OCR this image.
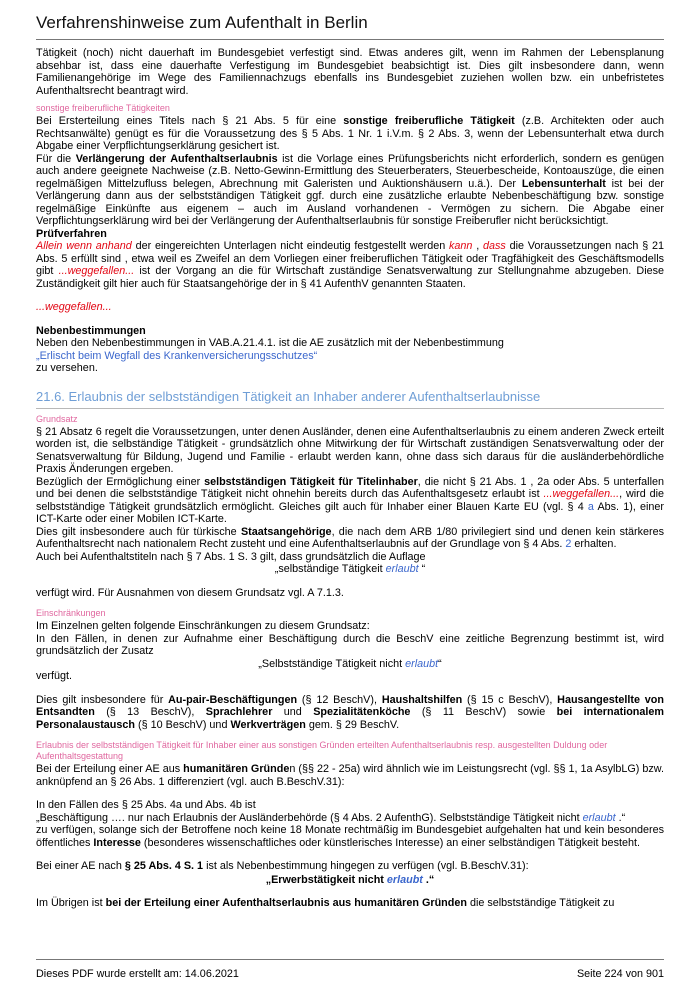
Verfahrenshinweise zum Aufenthalt in Berlin

Tätigkeit (noch) nicht dauerhaft im Bundesgebiet verfestigt sind. Etwas anderes gilt, wenn im Rahmen der Lebensplanung absehbar ist, dass eine dauerhafte Verfestigung im Bundesgebiet beabsichtigt ist. Dies gilt insbesondere dann, wenn Familienangehörige im Wege des Familiennachzugs ebenfalls ins Bundesgebiet zuziehen wollen bzw. ein unbefristetes Aufenthaltsrecht beantragt wird.

sonstige freiberufliche Tätigkeiten

Bei Ersterteilung eines Titels nach § 21 Abs. 5 für eine sonstige freiberufliche Tätigkeit (z.B. Architekten oder auch Rechtsanwälte) genügt es für die Voraussetzung des § 5 Abs. 1 Nr. 1 i.V.m. § 2 Abs. 3, wenn der Lebensunterhalt etwa durch Abgabe einer Verpflichtungserklärung gesichert ist.

Für die Verlängerung der Aufenthaltserlaubnis ist die Vorlage eines Prüfungsberichts nicht erforderlich, sondern es genügen auch andere geeignete Nachweise (z.B. Netto-Gewinn-Ermittlung des Steuerberaters, Steuerbescheide, Kontoauszüge, die einen regelmäßigen Mittelzufluss belegen, Abrechnung mit Galeristen und Auktionshäusern u.ä.). Der Lebensunterhalt ist bei der Verlängerung dann aus der selbstständigen Tätigkeit ggf. durch eine zusätzliche erlaubte Nebenbeschäftigung bzw. sonstige regelmäßige Einkünfte aus eigenem – auch im Ausland vorhandenen - Vermögen zu sichern. Die Abgabe einer Verpflichtungserklärung wird bei der Verlängerung der Aufenthaltserlaubnis für sonstige Freiberufler nicht berücksichtigt.

Prüfverfahren

Allein wenn anhand der eingereichten Unterlagen nicht eindeutig festgestellt werden kann , dass die Voraussetzungen nach § 21 Abs. 5 erfüllt sind , etwa weil es Zweifel an dem Vorliegen einer freiberuflichen Tätigkeit oder Tragfähigkeit des Geschäftsmodells gibt ...weggefallen... ist der Vorgang an die für Wirtschaft zuständige Senatsverwaltung zur Stellungnahme abzugeben. Diese Zuständigkeit gilt hier auch für Staatsangehörige der in § 41 AufenthV genannten Staaten.

...weggefallen...

Nebenbestimmungen

Neben den Nebenbestimmungen in VAB.A.21.4.1. ist die AE zusätzlich mit der Nebenbestimmung

„Erlischt beim Wegfall des Krankenversicherungsschutzes“

zu versehen.

21.6. Erlaubnis der selbstständigen Tätigkeit an Inhaber anderer Aufenthaltserlaubnisse

Grundsatz

§ 21 Absatz 6 regelt die Voraussetzungen, unter denen Ausländer, denen eine Aufenthaltserlaubnis zu einem anderen Zweck erteilt worden ist, die selbständige Tätigkeit - grundsätzlich ohne Mitwirkung der für Wirtschaft zuständigen Senatsverwaltung oder der Senatsverwaltung für Bildung, Jugend und Familie - erlaubt werden kann, ohne dass sich daraus für die ausländerbehördliche Praxis Änderungen ergeben.

Bezüglich der Ermöglichung einer selbstständigen Tätigkeit für Titelinhaber, die nicht § 21 Abs. 1 , 2a oder Abs. 5 unterfallen und bei denen die selbstständige Tätigkeit nicht ohnehin bereits durch das Aufenthaltsgesetz erlaubt ist ...weggefallen..., wird die selbstständige Tätigkeit grundsätzlich ermöglicht. Gleiches gilt auch für Inhaber einer Blauen Karte EU (vgl. § 4 a Abs. 1), einer ICT-Karte oder einer Mobilen ICT-Karte.

Dies gilt insbesondere auch für türkische Staatsangehörige, die nach dem ARB 1/80 privilegiert sind und denen kein stärkeres Aufenthaltsrecht nach nationalem Recht zusteht und eine Aufenthaltserlaubnis auf der Grundlage von § 4 Abs. 2 erhalten.

Auch bei Aufenthaltstiteln nach § 7 Abs. 1 S. 3 gilt, dass grundsätzlich die Auflage

„selbständige Tätigkeit erlaubt “

verfügt wird. Für Ausnahmen von diesem Grundsatz vgl. A 7.1.3.

Einschränkungen

Im Einzelnen gelten folgende Einschränkungen zu diesem Grundsatz:

In den Fällen, in denen zur Aufnahme einer Beschäftigung durch die BeschV eine zeitliche Begrenzung bestimmt ist, wird grundsätzlich der Zusatz

„Selbstständige Tätigkeit nicht erlaubt“

verfügt.

Dies gilt insbesondere für Au-pair-Beschäftigungen (§ 12 BeschV), Haushaltshilfen (§ 15 c BeschV), Hausangestellte von Entsandten (§ 13 BeschV), Sprachlehrer und Spezialitätenköche (§ 11 BeschV) sowie bei internationalem Personalaustausch (§ 10 BeschV) und Werkverträgen gem. § 29 BeschV.

Erlaubnis der selbstständigen Tätigkeit für Inhaber einer aus sonstigen Gründen erteilten Aufenthaltserlaubnis resp. ausgestellten Duldung oder Aufenthaltsgestattung

Bei der Erteilung einer AE aus humanitären Gründen (§§ 22 - 25a) wird ähnlich wie im Leistungsrecht (vgl. §§ 1, 1a AsylbLG) bzw. anknüpfend an § 26 Abs. 1 differenziert (vgl. auch B.BeschV.31):

In den Fällen des § 25 Abs. 4a und Abs. 4b ist

„Beschäftigung …. nur nach Erlaubnis der Ausländerbehörde (§ 4 Abs. 2 AufenthG). Selbstständige Tätigkeit nicht erlaubt .“

zu verfügen, solange sich der Betroffene noch keine 18 Monate rechtmäßig im Bundesgebiet aufgehalten hat und kein besonderes öffentliches Interesse (besonderes wissenschaftliches oder künstlerisches Interesse) an einer selbständigen Tätigkeit besteht.

Bei einer AE nach § 25 Abs. 4 S. 1 ist als Nebenbestimmung hingegen zu verfügen (vgl. B.BeschV.31):

„Erwerbstätigkeit nicht erlaubt .“

Im Übrigen ist bei der Erteilung einer Aufenthaltserlaubnis aus humanitären Gründen die selbstständige Tätigkeit zu

Dieses PDF wurde erstellt am: 14.06.2021	Seite 224 von 901
